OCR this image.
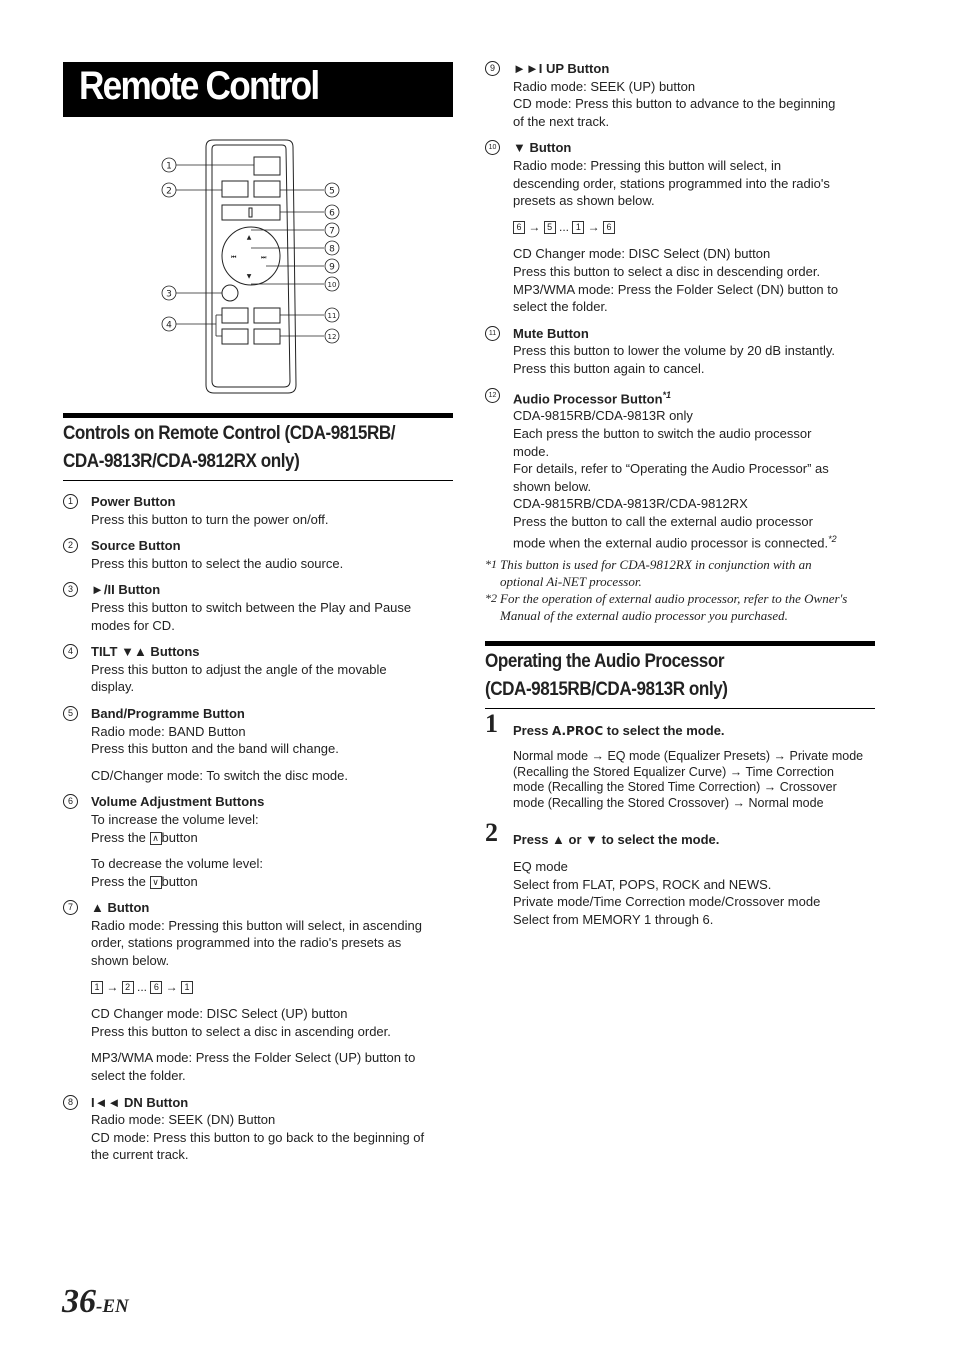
Remote Control
▲
▼
⏮	⏭
1
2
3
4
5
6
7
8
9
10
11
12
Controls on Remote Control (CDA-9815RB/
CDA-9813R/CDA-9812RX only)
1	Power Button
Press this button to turn the power on/off.
2	Source Button
Press this button to select the audio source.
3	►/II Button
Press this button to switch between the Play and Pause
modes for CD.
4	TILT ▼▲ Buttons
Press this button to adjust the angle of the movable
display.
5	Band/Programme Button
Radio mode: BAND Button
Press this button and the band will change.
CD/Changer mode: To switch the disc mode.
6	Volume Adjustment Buttons
To increase the volume level:
Press the ∧ button
To decrease the volume level:
Press the ∨ button
7	▲ Button
Radio mode: Pressing this button will select, in ascending
order, stations programmed into the radio's presets as
shown below.
1 → 2 ... 6 → 1
CD Changer mode: DISC Select (UP) button
Press this button to select a disc in ascending order.
MP3/WMA mode: Press the Folder Select (UP) button to
select the folder.
8	I◄◄ DN Button
Radio mode: SEEK (DN) Button
CD mode: Press this button to go back to the beginning of
the current track.
9	►►I UP Button
Radio mode: SEEK (UP) button
CD mode: Press this button to advance to the beginning
of the next track.
10 ▼ Button
Radio mode: Pressing this button will select, in
descending order, stations programmed into the radio's
presets as shown below.
6 → 5 ... 1 → 6
CD Changer mode: DISC Select (DN) button
Press this button to select a disc in descending order.
MP3/WMA mode: Press the Folder Select (DN) button to
select the folder.
11 Mute Button
Press this button to lower the volume by 20 dB instantly.
Press this button again to cancel.
12 Audio Processor Button$^{*1}$
CDA-9815RB/CDA-9813R only
Each press the button to switch the audio processor
mode.
For details, refer to “Operating the Audio Processor” as
shown below.
CDA-9815RB/CDA-9813R/CDA-9812RX
Press the button to call the external audio processor
mode when the external audio processor is connected.$^{*2}$
*1 This button is used for CDA-9812RX in conjunction with an
optional Ai-NET processor.
*2 For the operation of external audio processor, refer to the Owner's
Manual of the external audio processor you purchased.
Operating the Audio Processor
(CDA-9815RB/CDA-9813R only)
1 Press A.PROC to select the mode.
Normal mode → EQ mode (Equalizer Presets) → Private mode
(Recalling the Stored Equalizer Curve) → Time Correction
mode (Recalling the Stored Time Correction) → Crossover
mode (Recalling the Stored Crossover) → Normal mode
2 Press ▲ or ▼ to select the mode.
EQ mode
Select from FLAT, POPS, ROCK and NEWS.
Private mode/Time Correction mode/Crossover mode
Select from MEMORY 1 through 6.
36-EN
